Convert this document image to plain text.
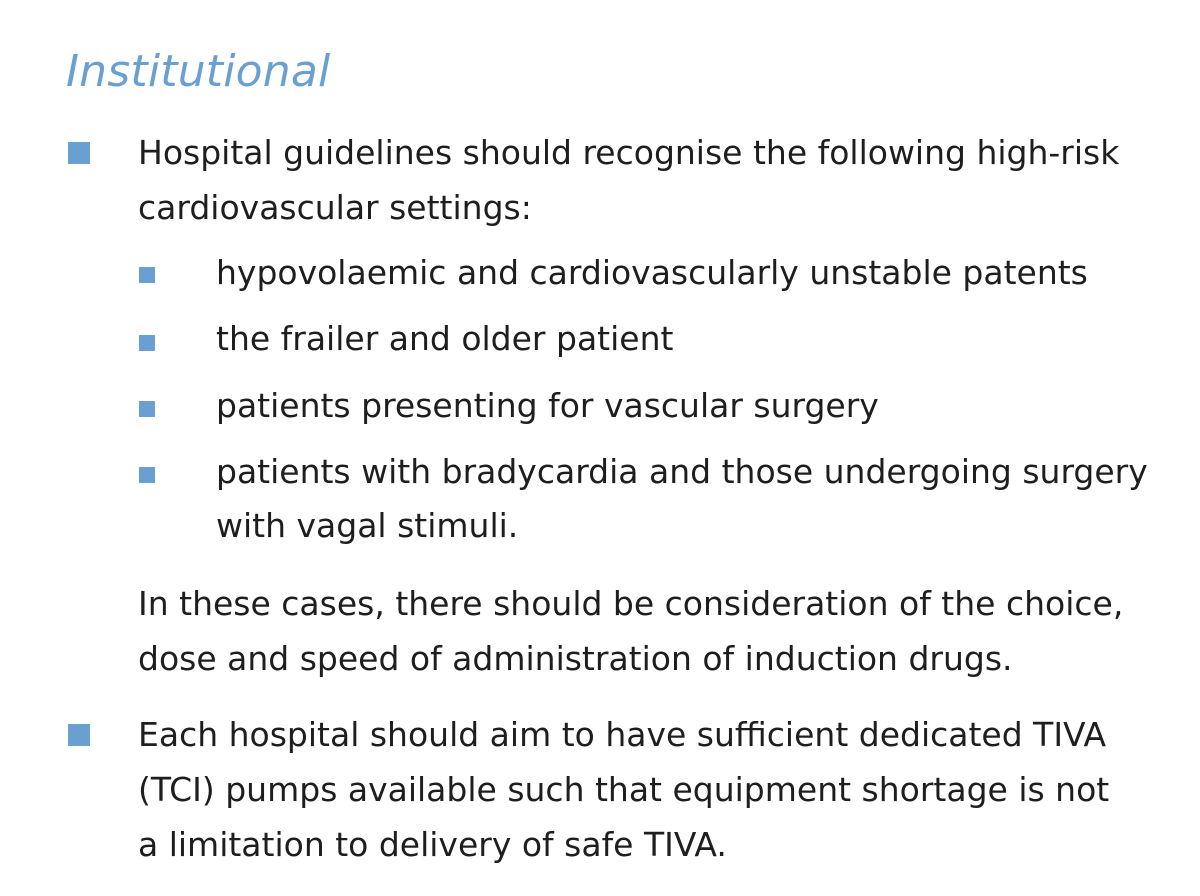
Institutional

Hospital guidelines should recognise the following high-risk

cardiovascular settings:

hypovolaemic and cardiovascularly unstable patents

the frailer and older patient

patients presenting for vascular surgery

patients with bradycardia and those undergoing surgery

with vagal stimuli.

In these cases, there should be consideration of the choice,

dose and speed of administration of induction drugs.

Each hospital should aim to have sufficient dedicated TIVA

(TCI) pumps available such that equipment shortage is not

a limitation to delivery of safe TIVA.
